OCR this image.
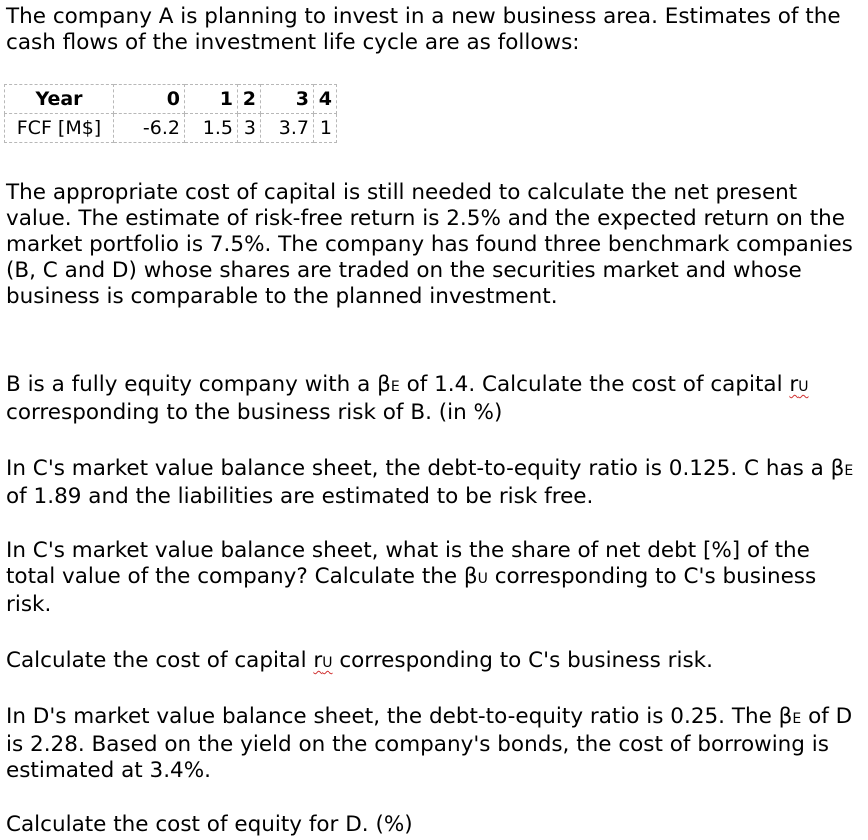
The company A is planning to invest in a new business area. Estimates of the cash flows of the investment life cycle are as follows:

Year	0	1	2	3	4
FCF [M$]	-6.2	1.5	3	3.7	1

The appropriate cost of capital is still needed to calculate the net present value. The estimate of risk-free return is 2.5% and the expected return on the market portfolio is 7.5%. The company has found three benchmark companies (B, C and D) whose shares are traded on the securities market and whose business is comparable to the planned investment.

B is a fully equity company with a βE of 1.4. Calculate the cost of capital rU corresponding to the business risk of B. (in %)

In C's market value balance sheet, the debt-to-equity ratio is 0.125. C has a βE of 1.89 and the liabilities are estimated to be risk free.

In C's market value balance sheet, what is the share of net debt [%] of the total value of the company? Calculate the βU corresponding to C's business risk.

Calculate the cost of capital rU corresponding to C's business risk.

In D's market value balance sheet, the debt-to-equity ratio is 0.25. The βE of D is 2.28. Based on the yield on the company's bonds, the cost of borrowing is estimated at 3.4%.

Calculate the cost of equity for D. (%)
